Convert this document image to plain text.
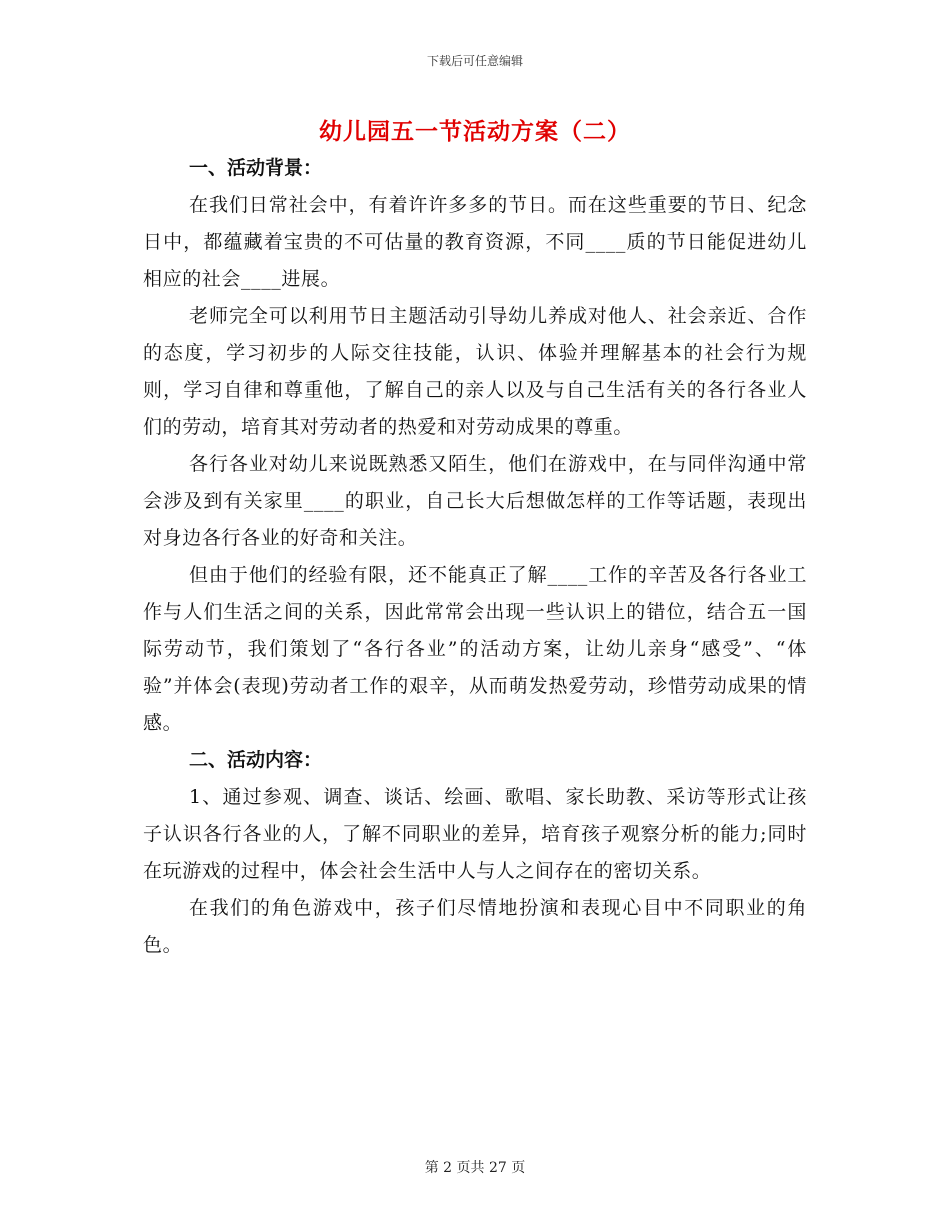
下载后可任意编辑
幼儿园五一节活动方案（二）

一、活动背景：

在我们日常社会中，有着许许多多的节日。而在这些重要的节日、纪念日中，都蕴藏着宝贵的不可估量的教育资源，不同____质的节日能促进幼儿相应的社会____进展。

老师完全可以利用节日主题活动引导幼儿养成对他人、社会亲近、合作的态度，学习初步的人际交往技能，认识、体验并理解基本的社会行为规则，学习自律和尊重他，了解自己的亲人以及与自己生活有关的各行各业人们的劳动，培育其对劳动者的热爱和对劳动成果的尊重。

各行各业对幼儿来说既熟悉又陌生，他们在游戏中，在与同伴沟通中常会涉及到有关家里____的职业，自己长大后想做怎样的工作等话题，表现出对身边各行各业的好奇和关注。

但由于他们的经验有限，还不能真正了解____工作的辛苦及各行各业工作与人们生活之间的关系，因此常常会出现一些认识上的错位，结合五一国际劳动节，我们策划了“各行各业”的活动方案，让幼儿亲身“感受”、“体验”并体会(表现)劳动者工作的艰辛，从而萌发热爱劳动，珍惜劳动成果的情感。

二、活动内容：

1、通过参观、调查、谈话、绘画、歌唱、家长助教、采访等形式让孩子认识各行各业的人，了解不同职业的差异，培育孩子观察分析的能力;同时在玩游戏的过程中，体会社会生活中人与人之间存在的密切关系。

在我们的角色游戏中，孩子们尽情地扮演和表现心目中不同职业的角色。

第 2 页共 27 页
